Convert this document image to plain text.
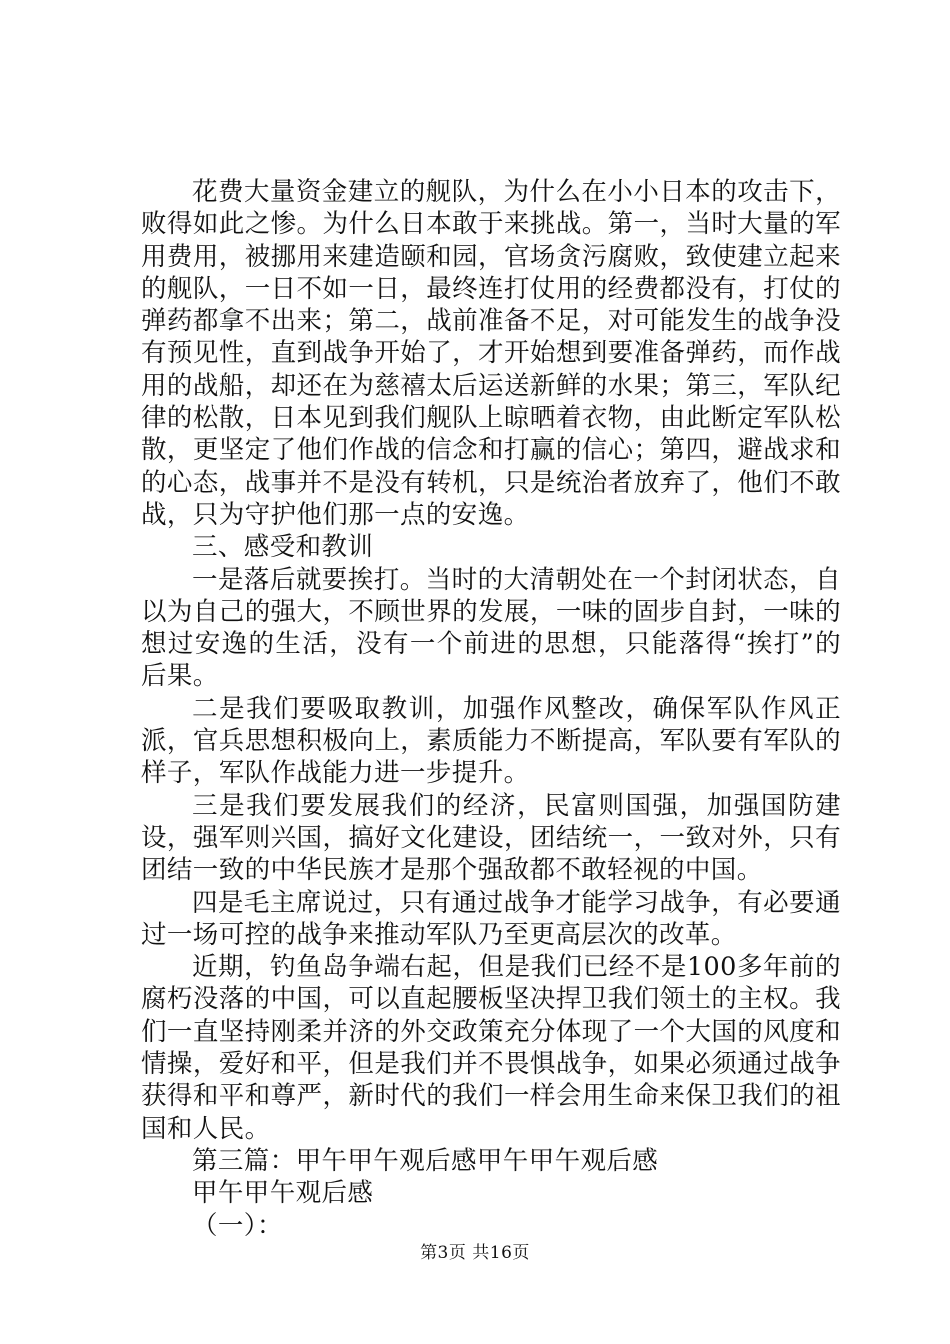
花费大量资金建立的舰队，为什么在小小日本的攻击下，败得如此之惨。为什么日本敢于来挑战。第一，当时大量的军用费用，被挪用来建造颐和园，官场贪污腐败，致使建立起来的舰队，一日不如一日，最终连打仗用的经费都没有，打仗的弹药都拿不出来；第二，战前准备不足，对可能发生的战争没有预见性，直到战争开始了，才开始想到要准备弹药，而作战用的战船，却还在为慈禧太后运送新鲜的水果；第三，军队纪律的松散，日本见到我们舰队上晾晒着衣物，由此断定军队松散，更坚定了他们作战的信念和打赢的信心；第四，避战求和的心态，战事并不是没有转机，只是统治者放弃了，他们不敢战，只为守护他们那一点的安逸。

三、感受和教训

一是落后就要挨打。当时的大清朝处在一个封闭状态，自以为自己的强大，不顾世界的发展，一味的固步自封，一味的想过安逸的生活，没有一个前进的思想，只能落得“挨打”的后果。

二是我们要吸取教训，加强作风整改，确保军队作风正派，官兵思想积极向上，素质能力不断提高，军队要有军队的样子，军队作战能力进一步提升。

三是我们要发展我们的经济，民富则国强，加强国防建设，强军则兴国，搞好文化建设，团结统一，一致对外，只有团结一致的中华民族才是那个强敌都不敢轻视的中国。

四是毛主席说过，只有通过战争才能学习战争，有必要通过一场可控的战争来推动军队乃至更高层次的改革。

近期，钓鱼岛争端右起，但是我们已经不是100多年前的腐朽没落的中国，可以直起腰板坚决捍卫我们领土的主权。我们一直坚持刚柔并济的外交政策充分体现了一个大国的风度和情操，爱好和平，但是我们并不畏惧战争，如果必须通过战争获得和平和尊严，新时代的我们一样会用生命来保卫我们的祖国和人民。

第三篇：甲午甲午观后感甲午甲午观后感

甲午甲午观后感

（一）：

第3页 共16页
